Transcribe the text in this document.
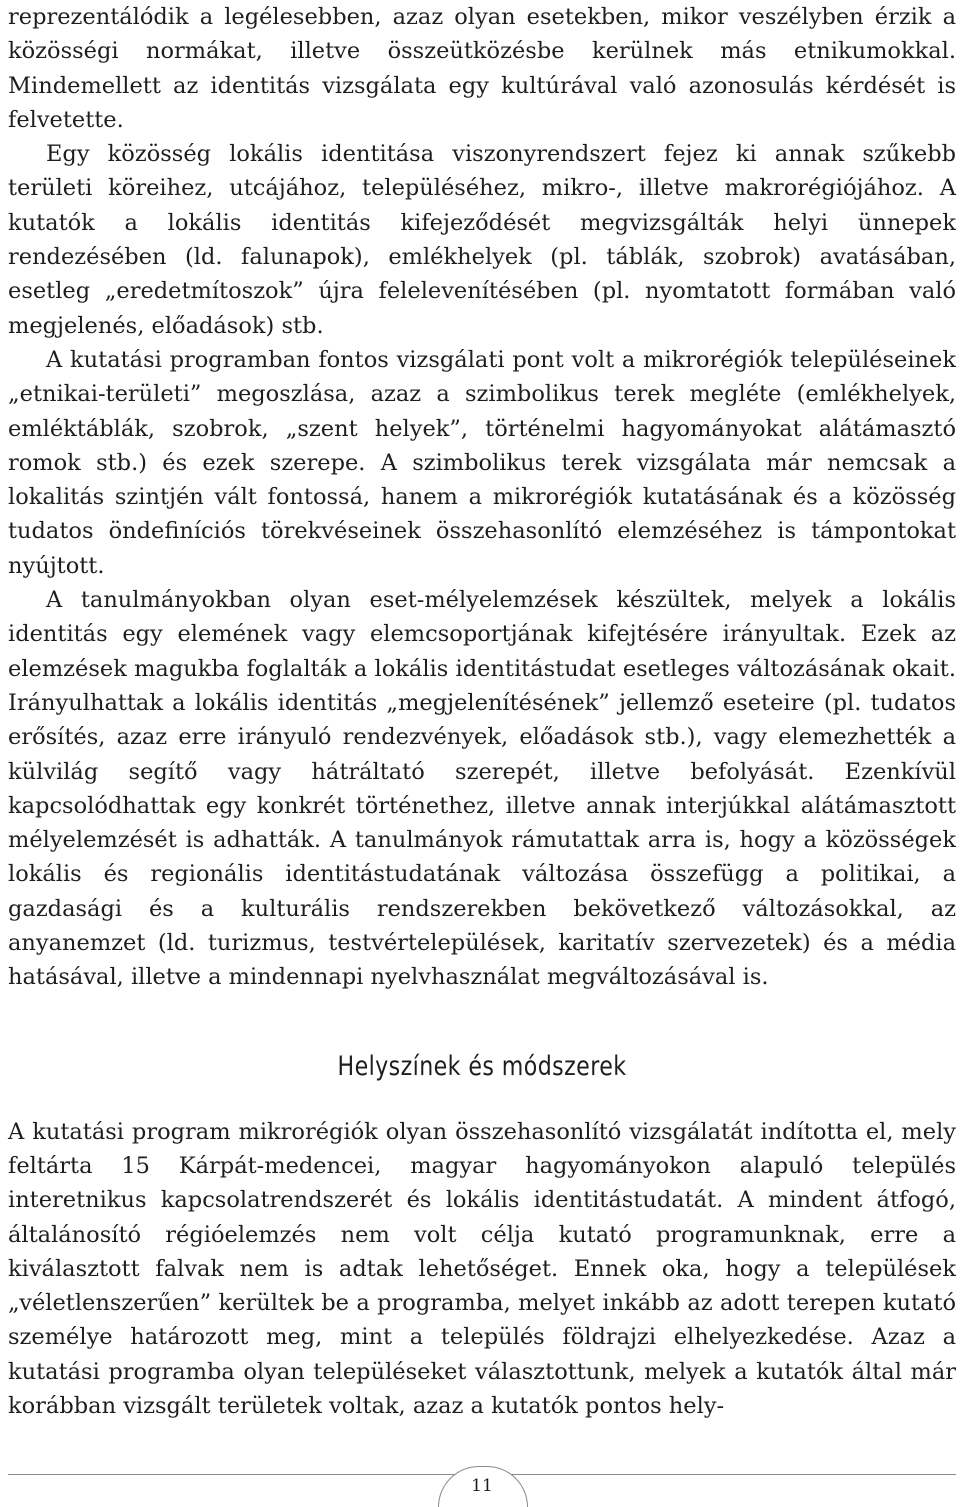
reprezentálódik a legélesebben, azaz olyan esetekben, mikor veszélyben érzik a közösségi normákat, illetve összeütközésbe kerülnek más etnikumokkal. Mindemellett az identitás vizsgálata egy kultúrával való azonosulás kérdését is felvetette.

Egy közösség lokális identitása viszonyrendszert fejez ki annak szűkebb területi köreihez, utcájához, településéhez, mikro-, illetve makrorégiójához. A kutatók a lokális identitás kifejeződését megvizsgálták helyi ünnepek rendezésében (ld. falunapok), emlékhelyek (pl. táblák, szobrok) avatásában, esetleg „eredetmítoszok” újra felelevenítésében (pl. nyomtatott formában való megjelenés, előadások) stb.

A kutatási programban fontos vizsgálati pont volt a mikrorégiók településeinek „etnikai-területi” megoszlása, azaz a szimbolikus terek megléte (emlékhelyek, emléktáblák, szobrok, „szent helyek”, történelmi hagyományokat alátámasztó romok stb.) és ezek szerepe. A szimbolikus terek vizsgálata már nemcsak a lokalitás szintjén vált fontossá, hanem a mikrorégiók kutatásának és a közösség tudatos öndefiníciós törekvéseinek összehasonlító elemzéséhez is támpontokat nyújtott.

A tanulmányokban olyan eset-mélyelemzések készültek, melyek a lokális identitás egy elemének vagy elemcsoportjának kifejtésére irányultak. Ezek az elemzések magukba foglalták a lokális identitástudat esetleges változásának okait. Irányulhattak a lokális identitás „megjelenítésének” jellemző eseteire (pl. tudatos erősítés, azaz erre irányuló rendezvények, előadások stb.), vagy elemezhették a külvilág segítő vagy hátráltató szerepét, illetve befolyását. Ezenkívül kapcsolódhattak egy konkrét történethez, illetve annak interjúkkal alátámasztott mélyelemzését is adhatták. A tanulmányok rámutattak arra is, hogy a közösségek lokális és regionális identitástudatának változása összefügg a politikai, a gazdasági és a kulturális rendszerekben bekövetkező változásokkal, az anyanemzet (ld. turizmus, testvértelepülések, karitatív szervezetek) és a média hatásával, illetve a mindennapi nyelvhasználat megváltozásával is.

Helyszínek és módszerek

A kutatási program mikrorégiók olyan összehasonlító vizsgálatát indította el, mely feltárta 15 Kárpát-medencei, magyar hagyományokon alapuló település interetnikus kapcsolatrendszerét és lokális identitástudatát. A mindent átfogó, általánosító régióelemzés nem volt célja kutató programunknak, erre a kiválasztott falvak nem is adtak lehetőséget. Ennek oka, hogy a települések „véletlenszerűen” kerültek be a programba, melyet inkább az adott terepen kutató személye határozott meg, mint a település földrajzi elhelyezkedése. Azaz a kutatási programba olyan településeket választottunk, melyek a kutatók által már korábban vizsgált területek voltak, azaz a kutatók pontos hely-

11
